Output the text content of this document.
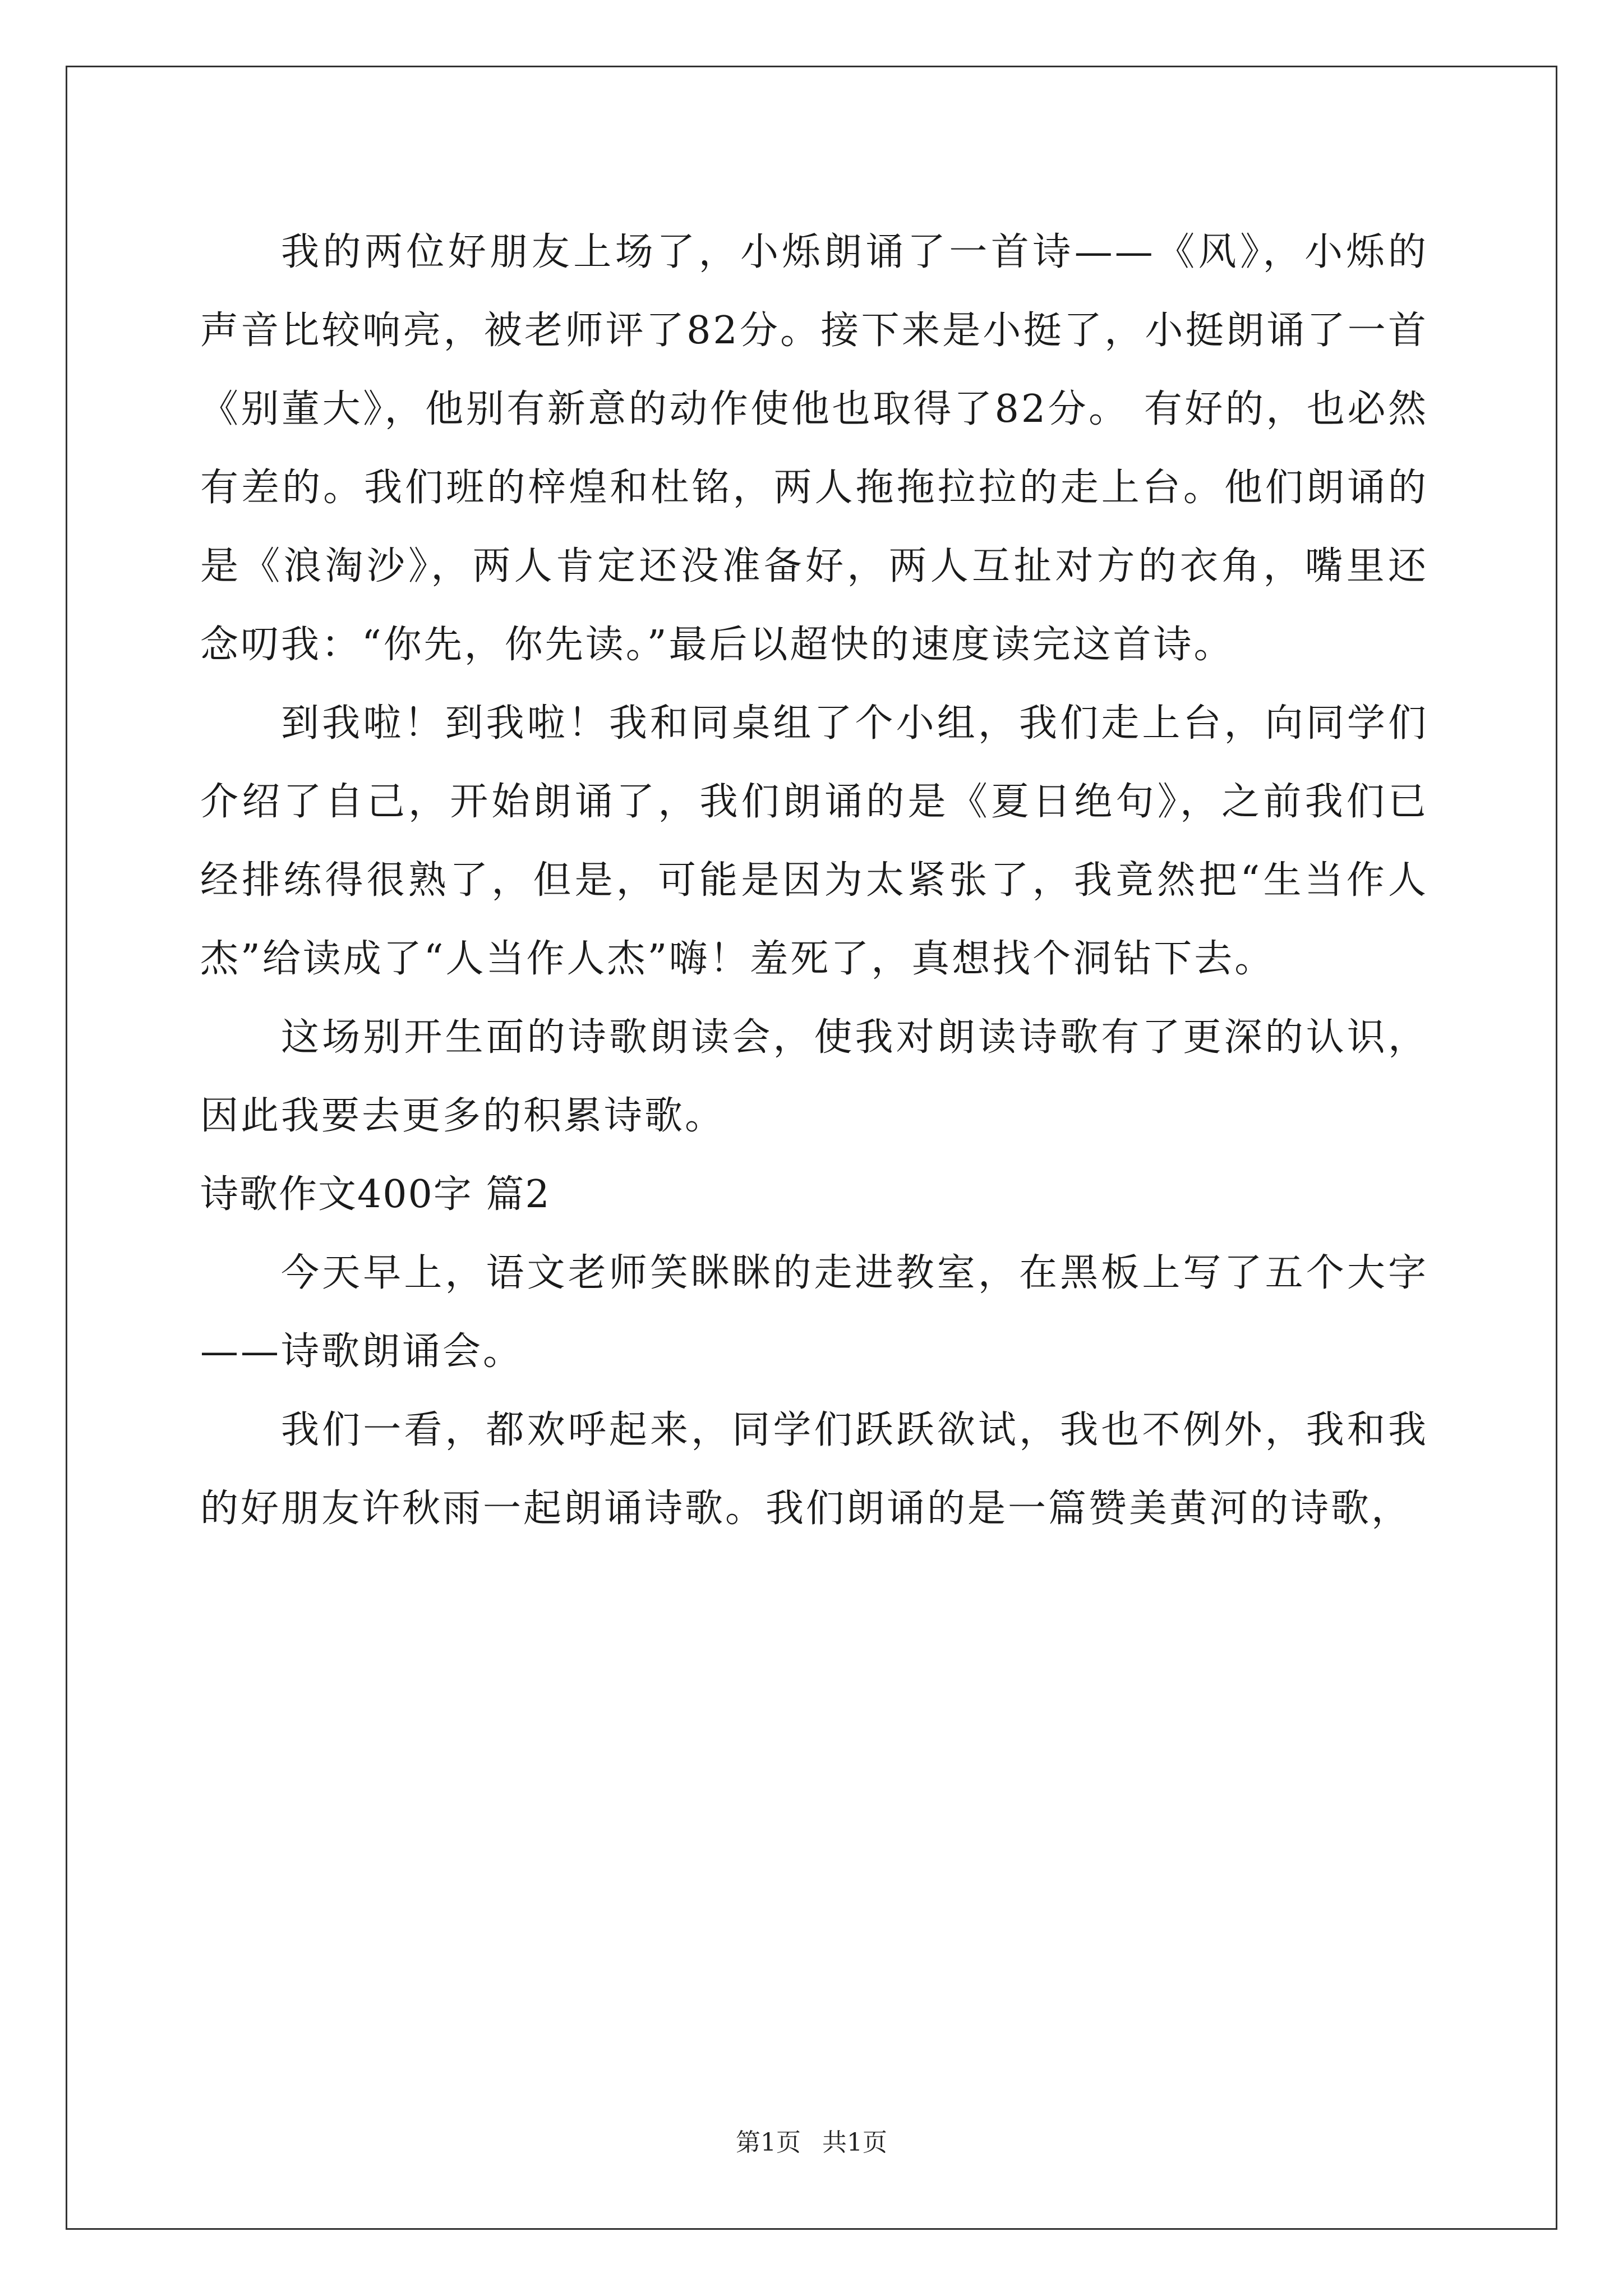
我的两位好朋友上场了，小烁朗诵了一首诗——《风》，小烁的声音比较响亮，被老师评了82分。接下来是小挺了，小挺朗诵了一首《别董大》，他别有新意的动作使他也取得了82分。 有好的，也必然有差的。我们班的梓煌和杜铭，两人拖拖拉拉的走上台。他们朗诵的是《浪淘沙》，两人肯定还没准备好，两人互扯对方的衣角，嘴里还念叨我：“你先，你先读。”最后以超快的速度读完这首诗。

到我啦！到我啦！我和同桌组了个小组，我们走上台，向同学们介绍了自己，开始朗诵了，我们朗诵的是《夏日绝句》，之前我们已经排练得很熟了，但是，可能是因为太紧张了，我竟然把“生当作人杰”给读成了“人当作人杰”嗨！羞死了，真想找个洞钻下去。

这场别开生面的诗歌朗读会，使我对朗读诗歌有了更深的认识，因此我要去更多的积累诗歌。

诗歌作文400字 篇2

今天早上，语文老师笑眯眯的走进教室，在黑板上写了五个大字——诗歌朗诵会。

我们一看，都欢呼起来，同学们跃跃欲试，我也不例外，我和我的好朋友许秋雨一起朗诵诗歌。我们朗诵的是一篇赞美黄河的诗歌，

第1页 共1页
